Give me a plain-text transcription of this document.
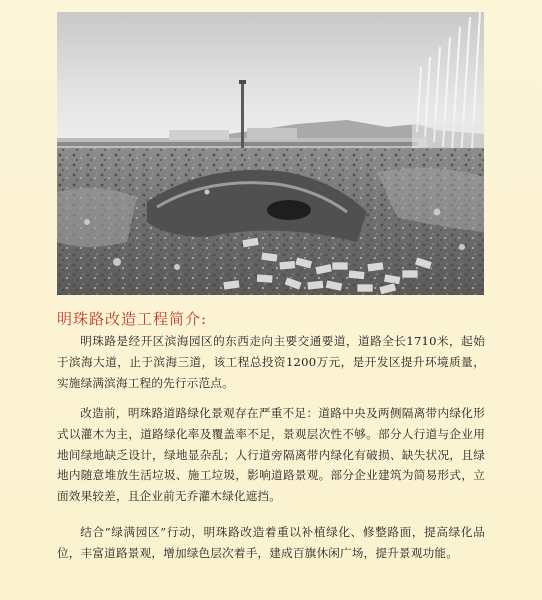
明珠路改造工程简介:

明珠路是经开区滨海园区的东西走向主要交通要道，道路全长1710米，起始于滨海大道，止于滨海三道，该工程总投资1200万元，是开发区提升环境质量，实施绿满滨海工程的先行示范点。

改造前，明珠路道路绿化景观存在严重不足：道路中央及两侧隔离带内绿化形式以灌木为主，道路绿化率及覆盖率不足，景观层次性不够。部分人行道与企业用地间绿地缺乏设计，绿地显杂乱；人行道旁隔离带内绿化有破损、缺失状况，且绿地内随意堆放生活垃圾、施工垃圾，影响道路景观。部分企业建筑为简易形式，立面效果较差，且企业前无乔灌木绿化遮挡。

结合“绿满园区”行动，明珠路改造着重以补植绿化、修整路面，提高绿化品位，丰富道路景观，增加绿色层次着手，建成百旗休闲广场，提升景观功能。
